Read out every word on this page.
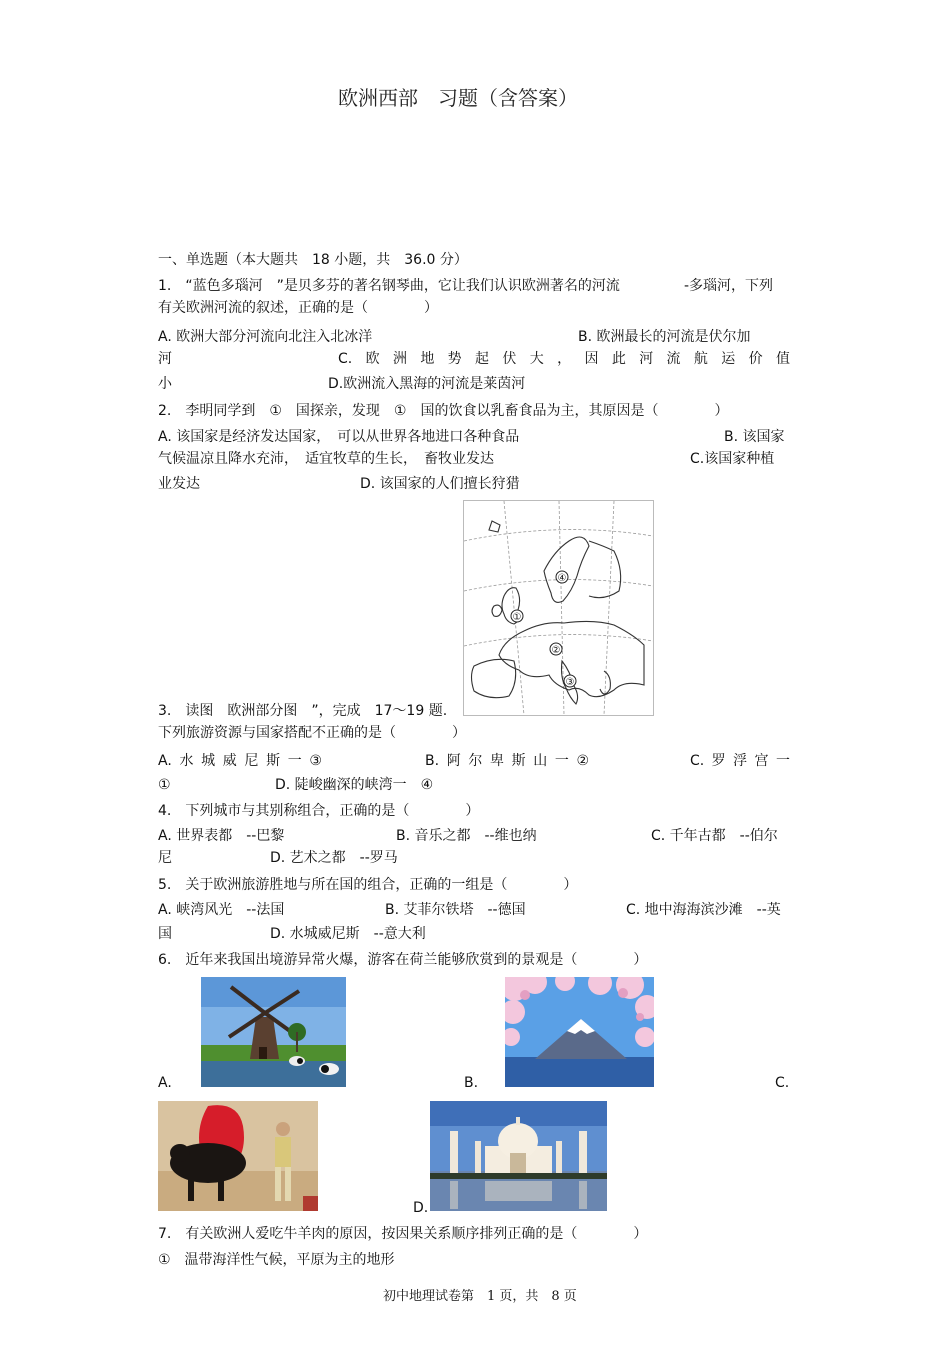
欧洲西部　习题（含答案）
一、单选题（本大题共　18 小题，共　36.0 分）
1.　“蓝色多瑙河　”是贝多芬的著名钢琴曲，它让我们认识欧洲著名的河流	-多瑙河，下列
有关欧洲河流的叙述，正确的是（　　　　）
A. 欧洲大部分河流向北注入北冰洋	B. 欧洲最长的河流是伏尔加
河	C. 欧 洲 地 势 起 伏 大 ， 因 此 河 流 航 运 价 值
小	D.欧洲流入黑海的河流是莱茵河
2.　李明同学到　①　国探亲，发现　①　国的饮食以乳畜食品为主，其原因是（　　　　）
A. 该国家是经济发达国家，　可以从世界各地进口各种食品	B. 该国家
气候温凉且降水充沛，　适宜牧草的生长，　畜牧业发达	C.该国家种植
业发达	D. 该国家的人们擅长狩猎
④
①
②
③
3.　读图　欧洲部分图　”，完成　17～19 题.
下列旅游资源与国家搭配不正确的是（　　　　）
A. 水 城 威 尼 斯 一 ③	B. 阿 尔 卑 斯 山 一 ②	C. 罗 浮 宫 一
①	D. 陡峻幽深的峡湾一　④
4.　下列城市与其别称组合，正确的是（　　　　）
A. 世界表都　--巴黎	B. 音乐之都　--维也纳	C. 千年古都　--伯尔
尼	D. 艺术之都　--罗马
5.　关于欧洲旅游胜地与所在国的组合，正确的一组是（　　　　）
A. 峡湾风光　--法国	B. 艾菲尔铁塔　--德国	C. 地中海海滨沙滩　--英
国	D. 水城威尼斯　--意大利
6.　近年来我国出境游异常火爆，游客在荷兰能够欣赏到的景观是（　　　　）
A.	B.	C.
D.
7.　有关欧洲人爱吃牛羊肉的原因，按因果关系顺序排列正确的是（　　　　）
①　温带海洋性气候，平原为主的地形
初中地理试卷第　1 页，共　8 页
